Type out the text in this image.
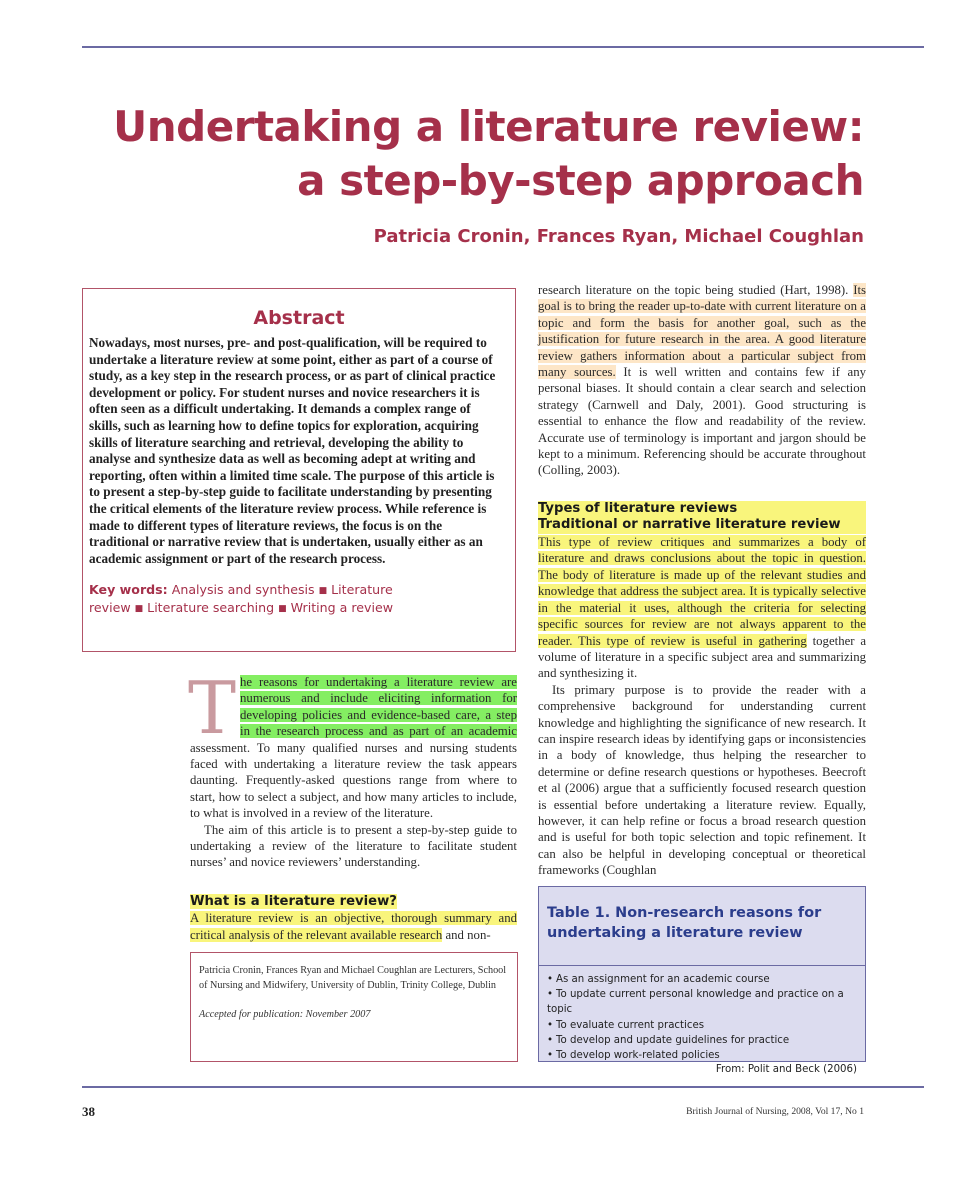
Undertaking a literature review:
a step-by-step approach
Patricia Cronin, Frances Ryan, Michael Coughlan
Abstract
Nowadays, most nurses, pre- and post-qualification, will be required to undertake a literature review at some point, either as part of a course of study, as a key step in the research process, or as part of clinical practice development or policy. For student nurses and novice researchers it is often seen as a difficult undertaking. It demands a complex range of skills, such as learning how to define topics for exploration, acquiring skills of literature searching and retrieval, developing the ability to analyse and synthesize data as well as becoming adept at writing and reporting, often within a limited time scale. The purpose of this article is to present a step-by-step guide to facilitate understanding by presenting the critical elements of the literature review process. While reference is made to different types of literature reviews, the focus is on the traditional or narrative review that is undertaken, usually either as an academic assignment or part of the research process.
Key words: Analysis and synthesis ■ Literature review ■ Literature searching ■ Writing a review

The reasons for undertaking a literature review are numerous and include eliciting information for developing policies and evidence-based care, a step in the research process and as part of an academic assessment. To many qualified nurses and nursing students faced with undertaking a literature review the task appears daunting. Frequently-asked questions range from where to start, how to select a subject, and how many articles to include, to what is involved in a review of the literature.

The aim of this article is to present a step-by-step guide to undertaking a review of the literature to facilitate student nurses’ and novice reviewers’ understanding.

What is a literature review?

A literature review is an objective, thorough summary and critical analysis of the relevant available research and non-

Patricia Cronin, Frances Ryan and Michael Coughlan are Lecturers, School of Nursing and Midwifery, University of Dublin, Trinity College, Dublin
Accepted for publication: November 2007

research literature on the topic being studied (Hart, 1998). Its goal is to bring the reader up-to-date with current literature on a topic and form the basis for another goal, such as the justification for future research in the area. A good literature review gathers information about a particular subject from many sources. It is well written and contains few if any personal biases. It should contain a clear search and selection strategy (Carnwell and Daly, 2001). Good structuring is essential to enhance the flow and readability of the review. Accurate use of terminology is important and jargon should be kept to a minimum. Referencing should be accurate throughout (Colling, 2003).

Types of literature reviews
Traditional or narrative literature review

This type of review critiques and summarizes a body of literature and draws conclusions about the topic in question. The body of literature is made up of the relevant studies and knowledge that address the subject area. It is typically selective in the material it uses, although the criteria for selecting specific sources for review are not always apparent to the reader. This type of review is useful in gathering together a volume of literature in a specific subject area and summarizing and synthesizing it.

Its primary purpose is to provide the reader with a comprehensive background for understanding current knowledge and highlighting the significance of new research. It can inspire research ideas by identifying gaps or inconsistencies in a body of knowledge, thus helping the researcher to determine or define research questions or hypotheses. Beecroft et al (2006) argue that a sufficiently focused research question is essential before undertaking a literature review. Equally, however, it can help refine or focus a broad research question and is useful for both topic selection and topic refinement. It can also be helpful in developing conceptual or theoretical frameworks (Coughlan

Table 1. Non-research reasons for undertaking a literature review
• As an assignment for an academic course
• To update current personal knowledge and practice on a topic
• To evaluate current practices
• To develop and update guidelines for practice
• To develop work-related policies
From: Polit and Beck (2006)
38	British Journal of Nursing, 2008, Vol 17, No 1
